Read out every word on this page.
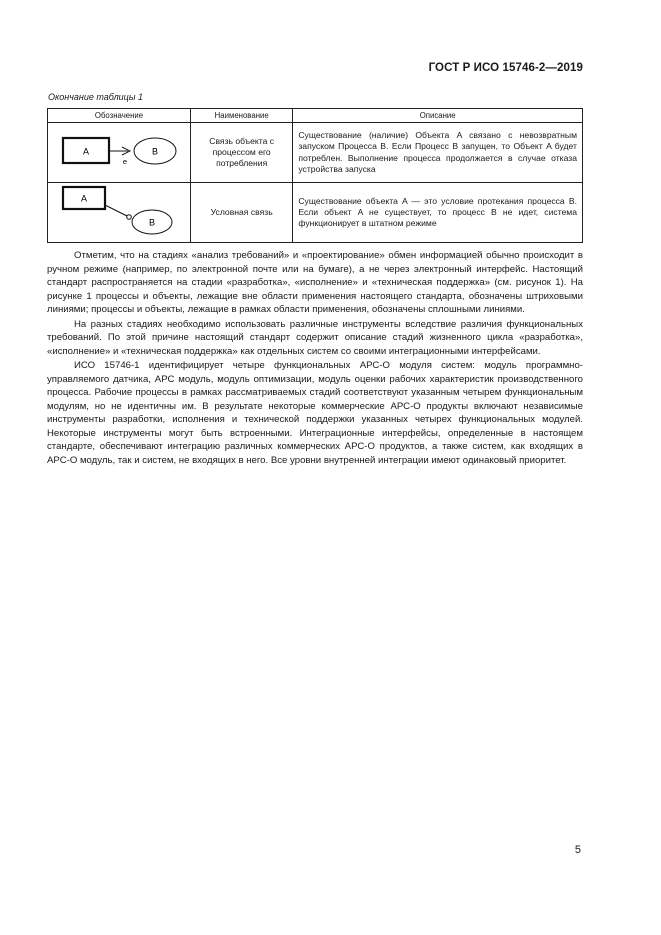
ГОСТ Р ИСО 15746-2—2019
Окончание таблицы 1
Обозначение	Наименование	Описание

A
e
B	Связь объекта с процессом его потребления	Существование (наличие) Объекта A связано с невозвратным запуском Процесса B. Если Процесс B запущен, то Объект A будет потреблен. Выполнение процесса продолжается в случае отказа устройства запуска

A
B	Условная связь	Существование объекта A — это условие протекания процесса B. Если объект A не существует, то процесс B не идет, система функционирует в штатном режиме

Отметим, что на стадиях «анализ требований» и «проектирование» обмен информацией обычно происходит в ручном режиме (например, по электронной почте или на бумаге), а не через электронный интерфейс. Настоящий стандарт распространяется на стадии «разработка», «исполнение» и «техническая поддержка» (см. рисунок 1). На рисунке 1 процессы и объекты, лежащие вне области применения настоящего стандарта, обозначены штриховыми линиями; процессы и объекты, лежащие в рамках области применения, обозначены сплошными линиями.

На разных стадиях необходимо использовать различные инструменты вследствие различия функциональных требований. По этой причине настоящий стандарт содержит описание стадий жизненного цикла «разработка», «исполнение» и «техническая поддержка» как отдельных систем со своими интеграционными интерфейсами.

ИСО 15746-1 идентифицирует четыре функциональных АРС-О модуля систем: модуль программно-управляемого датчика, АРС модуль, модуль оптимизации, модуль оценки рабочих характеристик производственного процесса. Рабочие процессы в рамках рассматриваемых стадий соответствуют указанным четырем функциональным модулям, но не идентичны им. В результате некоторые коммерческие АРС-О продукты включают независимые инструменты разработки, исполнения и технической поддержки указанных четырех функциональных модулей. Некоторые инструменты могут быть встроенными. Интеграционные интерфейсы, определенные в настоящем стандарте, обеспечивают интеграцию различных коммерческих АРС-О продуктов, а также систем, как входящих в АРС-О модуль, так и систем, не входящих в него. Все уровни внутренней интеграции имеют одинаковый приоритет.

5
